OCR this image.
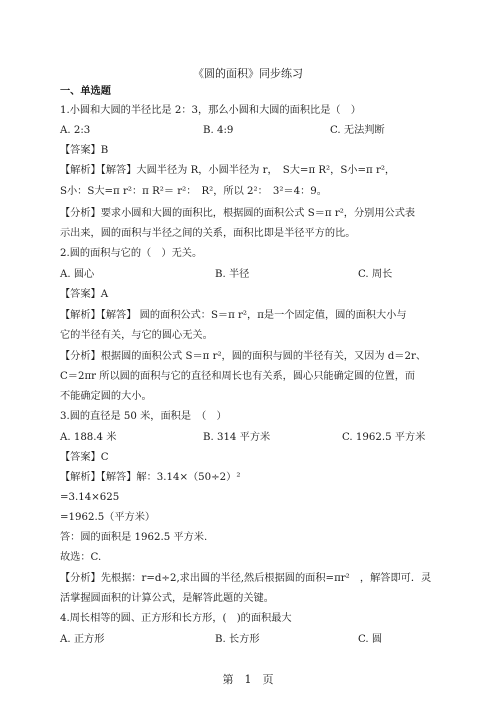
《圆的面积》同步练习
一、单选题
1.小圆和大圆的半径比是 2：3，那么小圆和大圆的面积比是（　）
A. 2:3	B. 4:9	C. 无法判断
【答案】B
【解析】【解答】大圆半径为 R，小圆半径为 r，　S大=π R²，S小=π r²，
S小：S大=π r²：π R²＝ r²：　R²，所以 2²：　3²＝4：9。
【分析】要求小圆和大圆的面积比，根据圆的面积公式 S＝π r²，分别用公式表
示出来，圆的面积与半径之间的关系，面积比即是半径平方的比。
2.圆的面积与它的（　）无关。
A. 圆心	B. 半径	C. 周长
【答案】A
【解析】【解答】 圆的面积公式：S＝π r²，π是一个固定值，圆的面积大小与
它的半径有关，与它的圆心无关。
【分析】根据圆的面积公式 S＝π r²，圆的面积与圆的半径有关，又因为 d＝2r、
C＝2πr 所以圆的面积与它的直径和周长也有关系，圆心只能确定圆的位置，而
不能确定圆的大小。
3.圆的直径是 50 米，面积是　（　）
A. 188.4 米	B. 314 平方米	C. 1962.5 平方米
【答案】C
【解析】【解答】解：3.14×（50÷2）²
=3.14×625
=1962.5（平方米）
答：圆的面积是 1962.5 平方米.
故选：C.
【分析】先根据：r=d÷2,求出圆的半径,然后根据圆的面积=πr²　，解答即可．灵
活掌握圆面积的计算公式，是解答此题的关键。
4.周长相等的圆、正方形和长方形，(　)的面积最大
A. 正方形	B. 长方形	C. 圆
第　1　页
